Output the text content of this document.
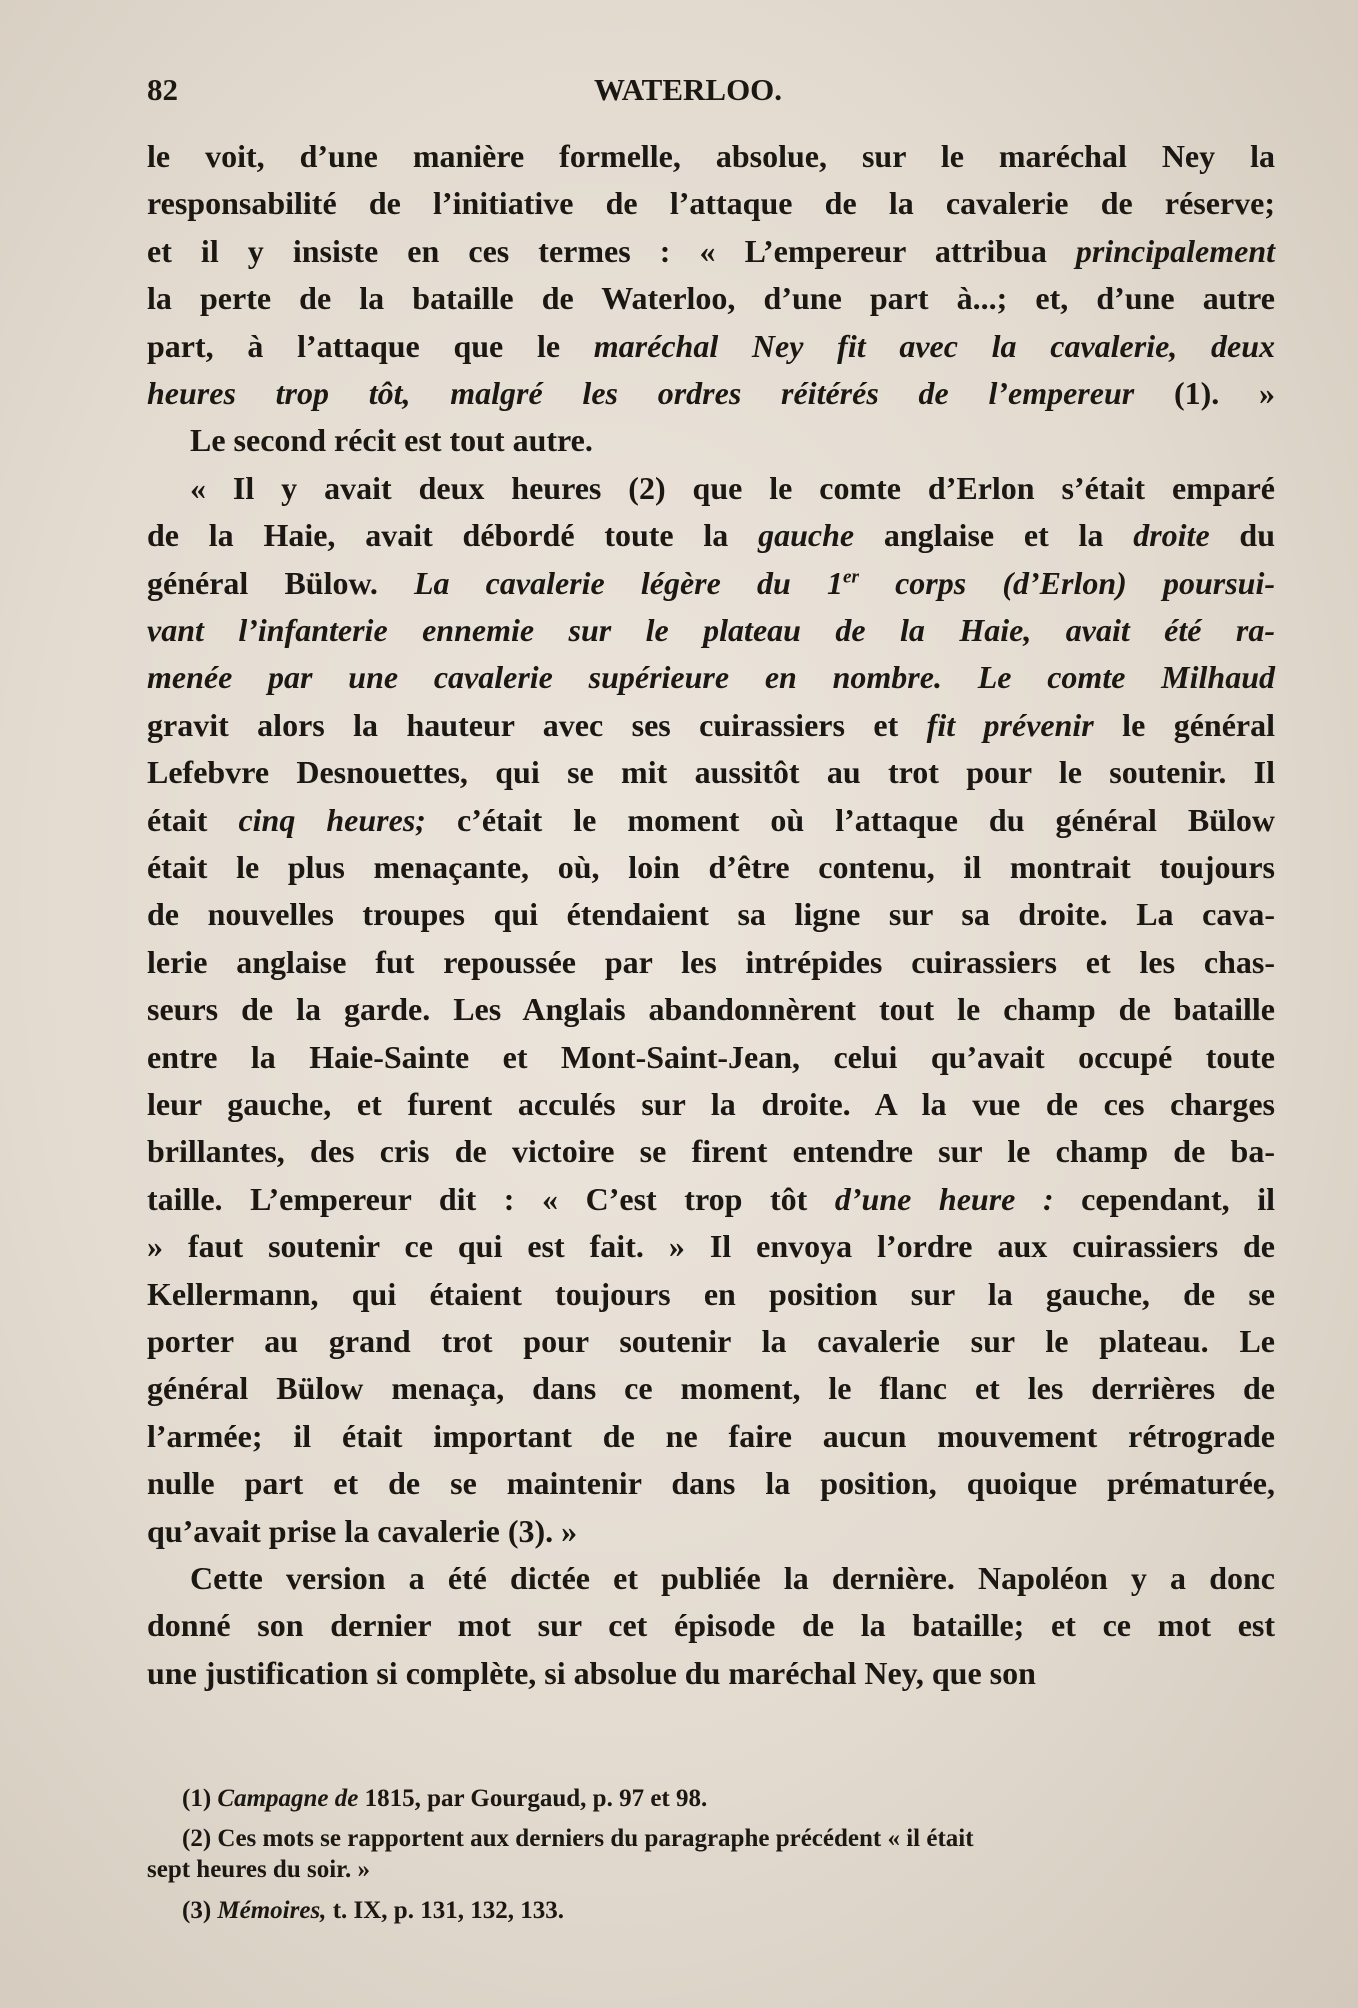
82	WATERLOO.
le voit, d’une manière formelle, absolue, sur le maréchal Ney la
responsabilité de l’initiative de l’attaque de la cavalerie de réserve;
et il y insiste en ces termes : « L’empereur attribua principalement
la perte de la bataille de Waterloo, d’une part à...; et, d’une autre
part, à l’attaque que le maréchal Ney fit avec la cavalerie, deux
heures trop tôt, malgré les ordres réitérés de l’empereur (1). »
Le second récit est tout autre.
« Il y avait deux heures (2) que le comte d’Erlon s’était emparé
de la Haie, avait débordé toute la gauche anglaise et la droite du
général Bülow. La cavalerie légère du 1er corps (d’Erlon) poursui-
vant l’infanterie ennemie sur le plateau de la Haie, avait été ra-
menée par une cavalerie supérieure en nombre. Le comte Milhaud
gravit alors la hauteur avec ses cuirassiers et fit prévenir le général
Lefebvre Desnouettes, qui se mit aussitôt au trot pour le soutenir. Il
était cinq heures; c’était le moment où l’attaque du général Bülow
était le plus menaçante, où, loin d’être contenu, il montrait toujours
de nouvelles troupes qui étendaient sa ligne sur sa droite. La cava-
lerie anglaise fut repoussée par les intrépides cuirassiers et les chas-
seurs de la garde. Les Anglais abandonnèrent tout le champ de bataille
entre la Haie-Sainte et Mont-Saint-Jean, celui qu’avait occupé toute
leur gauche, et furent acculés sur la droite. A la vue de ces charges
brillantes, des cris de victoire se firent entendre sur le champ de ba-
taille. L’empereur dit : « C’est trop tôt d’une heure : cependant, il
» faut soutenir ce qui est fait. » Il envoya l’ordre aux cuirassiers de
Kellermann, qui étaient toujours en position sur la gauche, de se
porter au grand trot pour soutenir la cavalerie sur le plateau. Le
général Bülow menaça, dans ce moment, le flanc et les derrières de
l’armée; il était important de ne faire aucun mouvement rétrograde
nulle part et de se maintenir dans la position, quoique prématurée,
qu’avait prise la cavalerie (3). »
Cette version a été dictée et publiée la dernière. Napoléon y a donc
donné son dernier mot sur cet épisode de la bataille; et ce mot est
une justification si complète, si absolue du maréchal Ney, que son
(1) Campagne de 1815, par Gourgaud, p. 97 et 98.
(2) Ces mots se rapportent aux derniers du paragraphe précédent « il était
sept heures du soir. »
(3) Mémoires, t. IX, p. 131, 132, 133.
